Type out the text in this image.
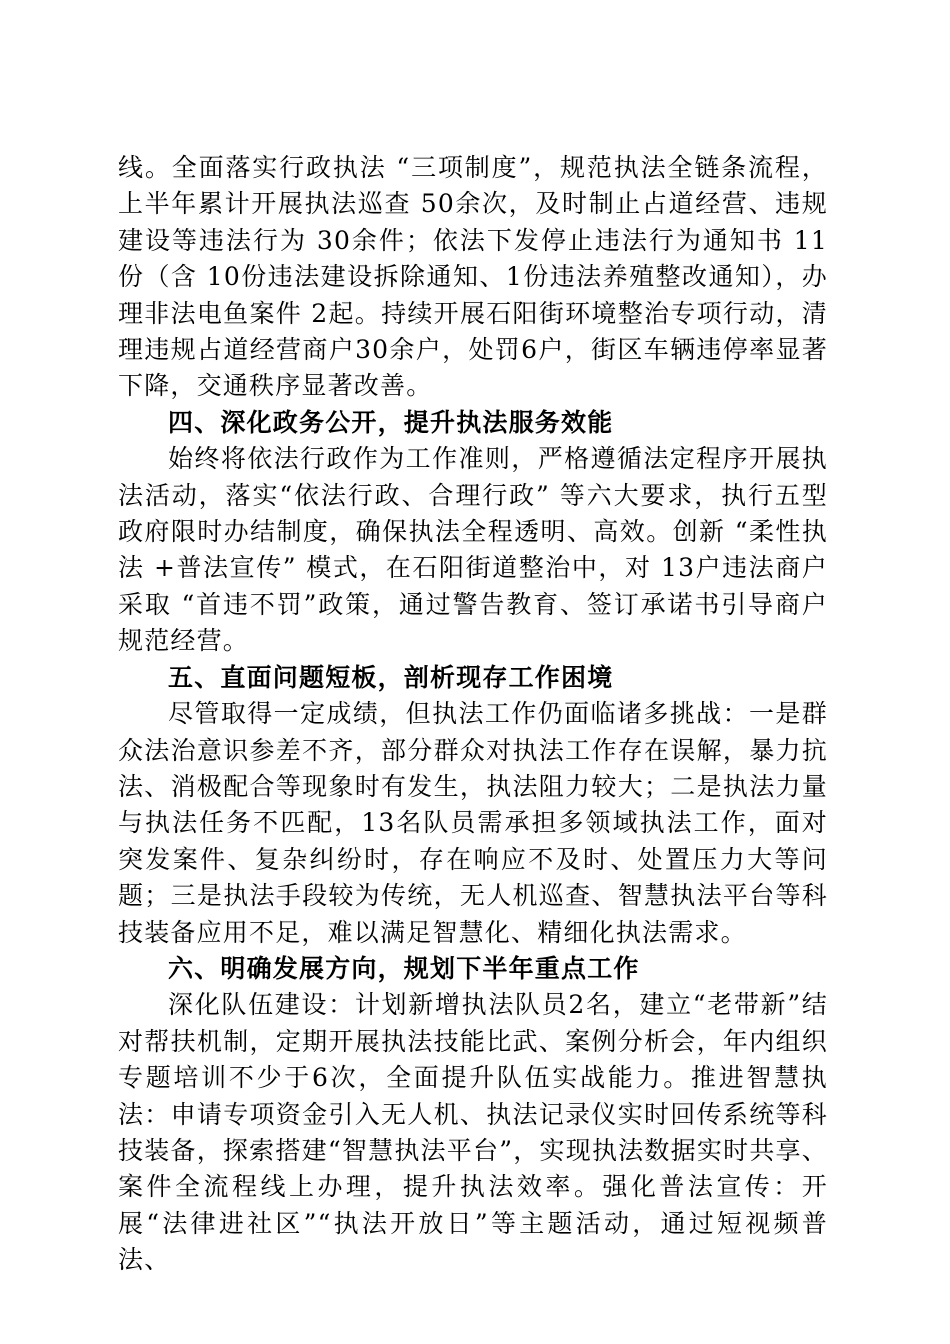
线。全面落实行政执法 “三项制度”，规范执法全链条流程，上半年累计开展执法巡查 50余次，及时制止占道经营、违规建设等违法行为 30余件；依法下发停止违法行为通知书 11份（含 10份违法建设拆除通知、1份违法养殖整改通知），办理非法电鱼案件 2起。持续开展石阳街环境整治专项行动，清理违规占道经营商户30余户，处罚6户，街区车辆违停率显著下降，交通秩序显著改善。

四、深化政务公开，提升执法服务效能

始终将依法行政作为工作准则，严格遵循法定程序开展执法活动，落实“依法行政、合理行政” 等六大要求，执行五型政府限时办结制度，确保执法全程透明、高效。创新 “柔性执法 +普法宣传” 模式，在石阳街道整治中，对 13户违法商户采取 “首违不罚”政策，通过警告教育、签订承诺书引导商户规范经营。

五、直面问题短板，剖析现存工作困境

尽管取得一定成绩，但执法工作仍面临诸多挑战：一是群众法治意识参差不齐，部分群众对执法工作存在误解，暴力抗法、消极配合等现象时有发生，执法阻力较大；二是执法力量与执法任务不匹配，13名队员需承担多领域执法工作，面对突发案件、复杂纠纷时，存在响应不及时、处置压力大等问题；三是执法手段较为传统，无人机巡查、智慧执法平台等科技装备应用不足，难以满足智慧化、精细化执法需求。

六、明确发展方向，规划下半年重点工作

深化队伍建设：计划新增执法队员2名，建立“老带新”结对帮扶机制，定期开展执法技能比武、案例分析会，年内组织专题培训不少于6次，全面提升队伍实战能力。推进智慧执法：申请专项资金引入无人机、执法记录仪实时回传系统等科技装备，探索搭建“智慧执法平台”，实现执法数据实时共享、案件全流程线上办理，提升执法效率。强化普法宣传：开展“法律进社区”“执法开放日”等主题活动，通过短视频普法、
